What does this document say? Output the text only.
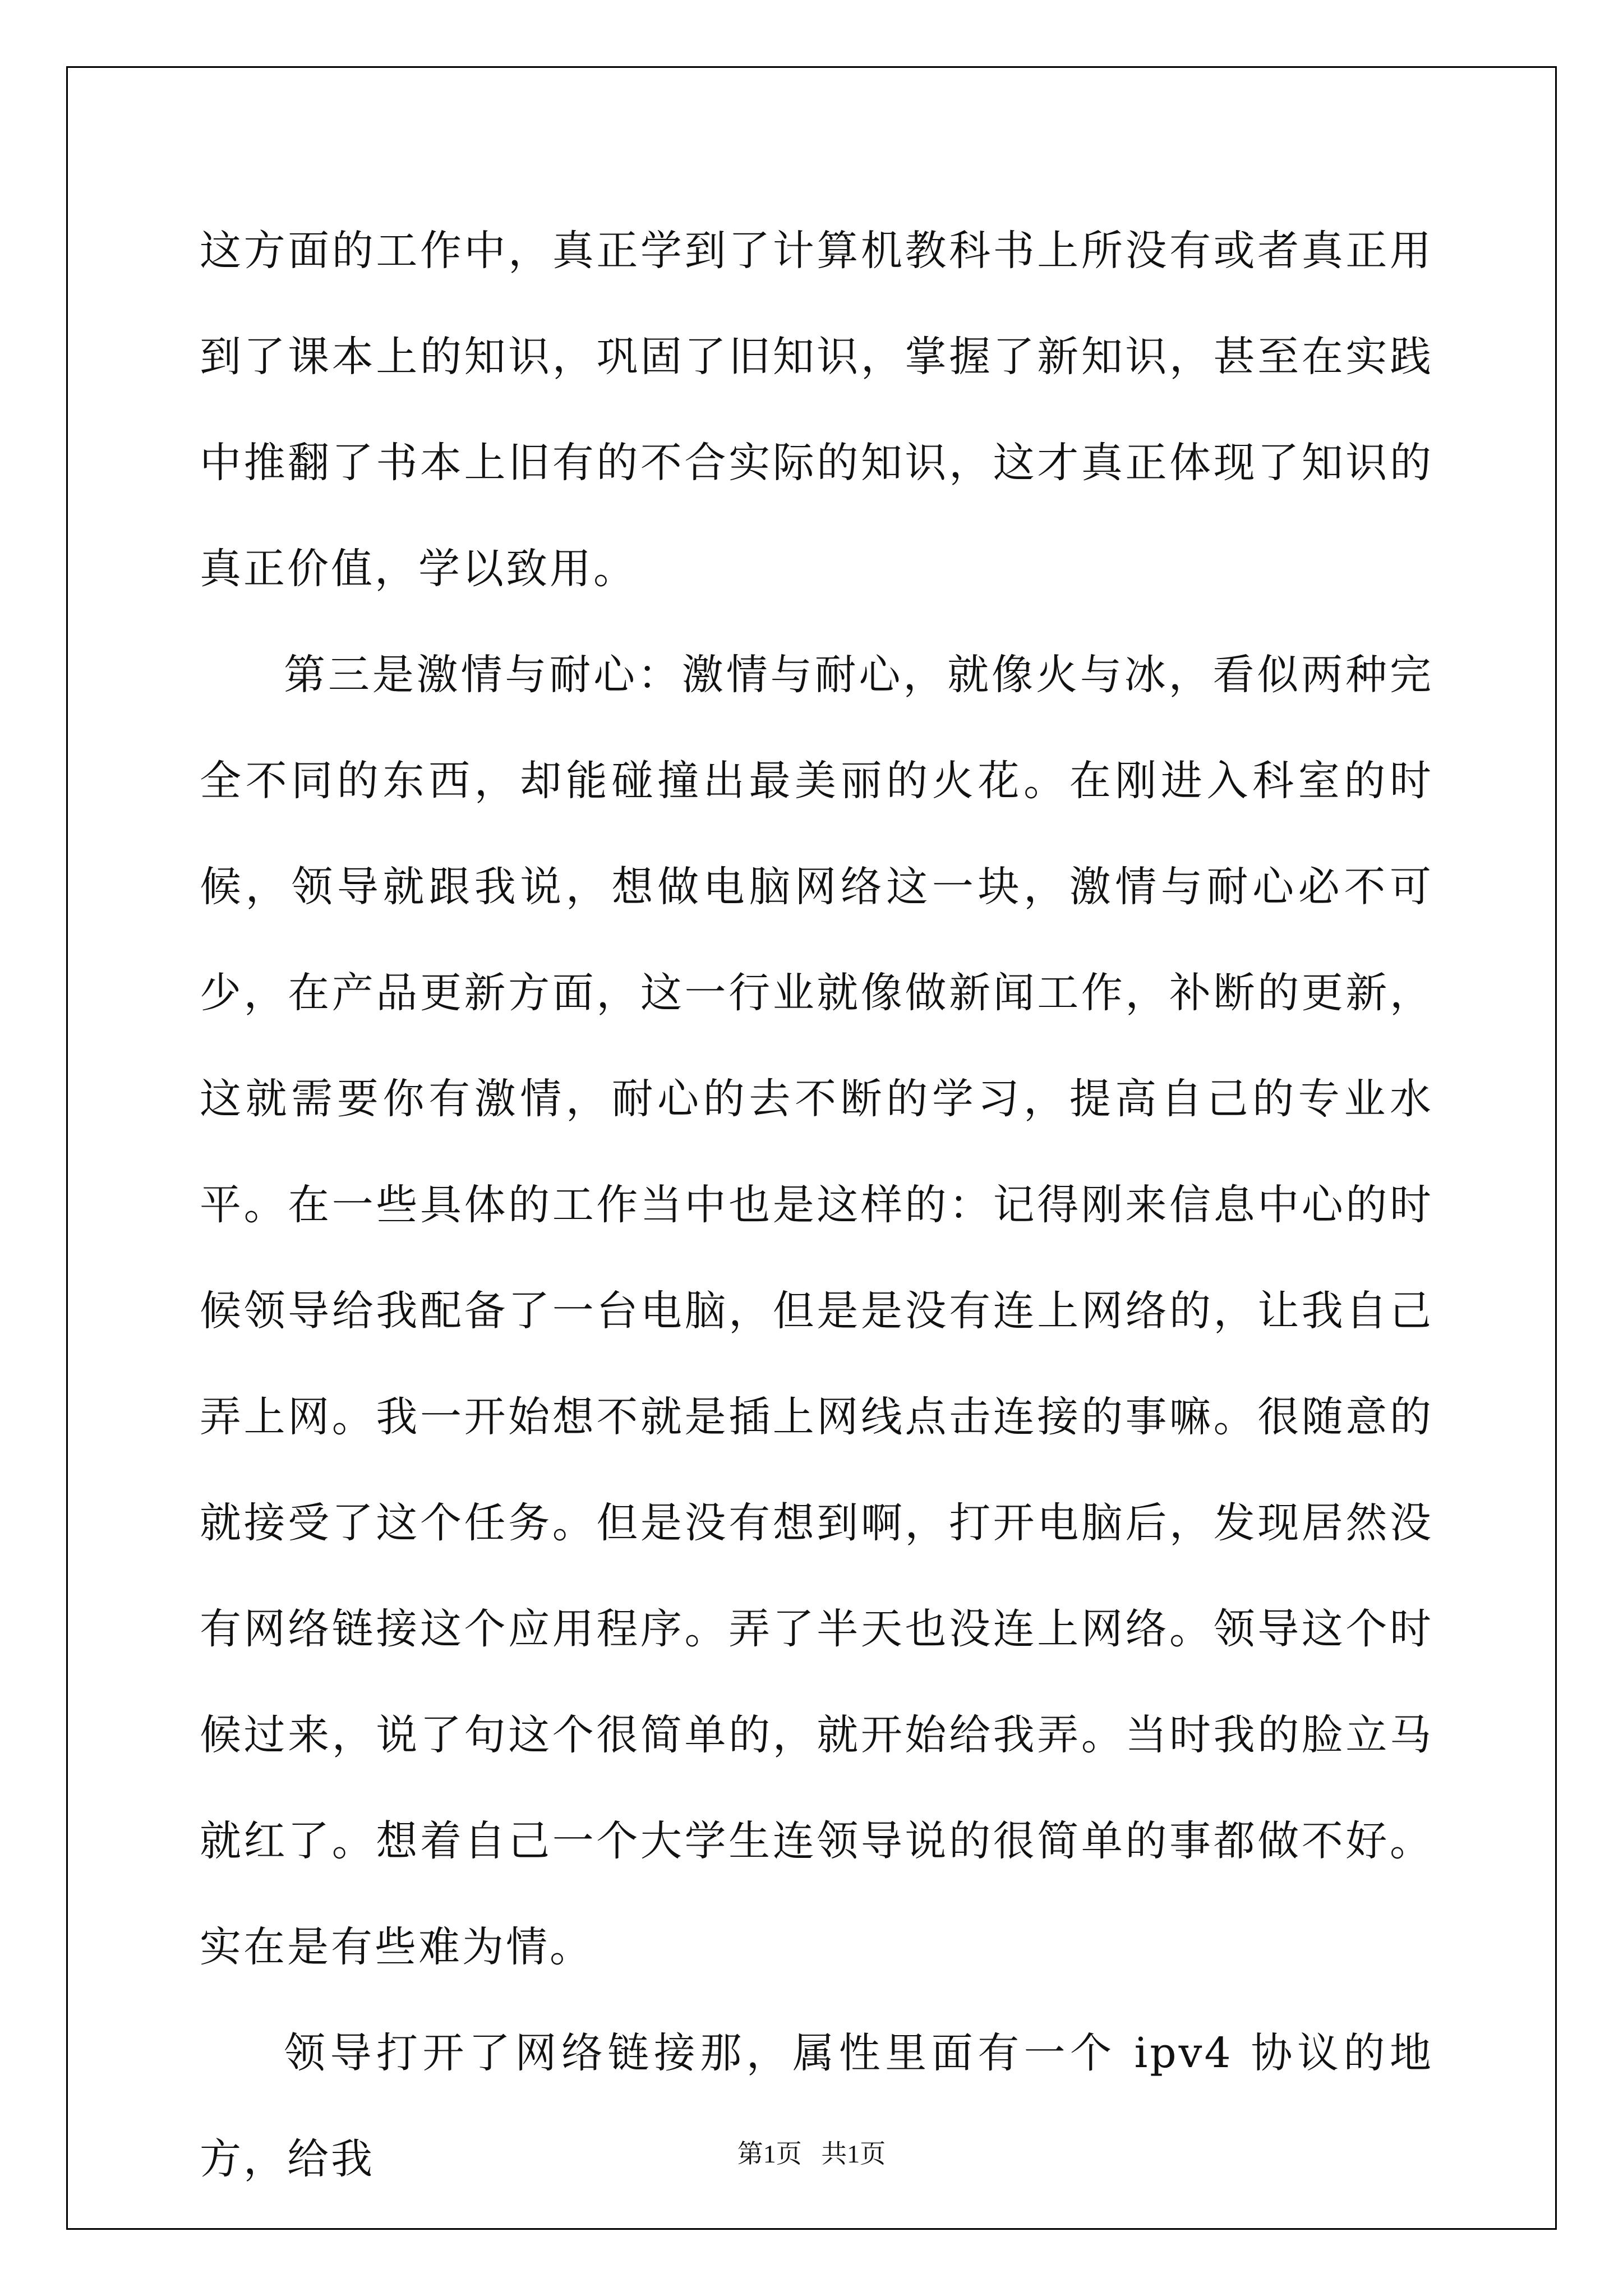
这方面的工作中，真正学到了计算机教科书上所没有或者真正用到了课本上的知识，巩固了旧知识，掌握了新知识，甚至在实践中推翻了书本上旧有的不合实际的知识，这才真正体现了知识的真正价值，学以致用。

第三是激情与耐心：激情与耐心，就像火与冰，看似两种完全不同的东西，却能碰撞出最美丽的火花。在刚进入科室的时候，领导就跟我说，想做电脑网络这一块，激情与耐心必不可少，在产品更新方面，这一行业就像做新闻工作，补断的更新，这就需要你有激情，耐心的去不断的学习，提高自己的专业水平。在一些具体的工作当中也是这样的：记得刚来信息中心的时候领导给我配备了一台电脑，但是是没有连上网络的，让我自己弄上网。我一开始想不就是插上网线点击连接的事嘛。很随意的就接受了这个任务。但是没有想到啊，打开电脑后，发现居然没有网络链接这个应用程序。弄了半天也没连上网络。领导这个时候过来，说了句这个很简单的，就开始给我弄。当时我的脸立马就红了。想着自己一个大学生连领导说的很简单的事都做不好。实在是有些难为情。

领导打开了网络链接那，属性里面有一个 ipv4 协议的地方，给我	第1页 共1页
